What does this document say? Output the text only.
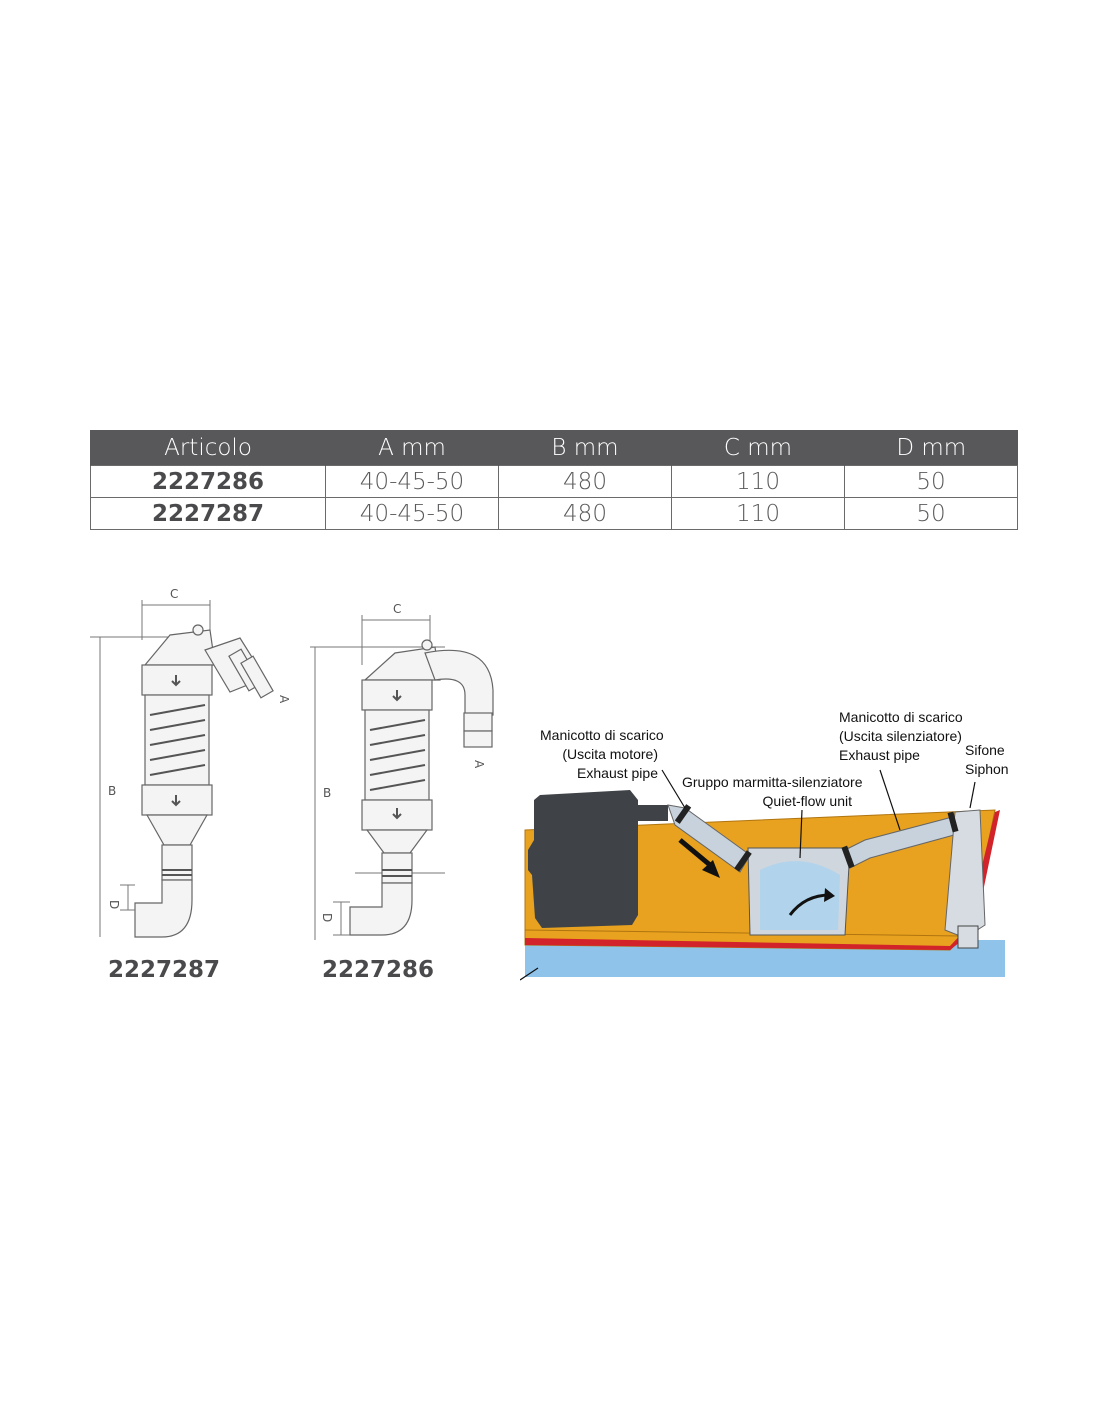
Articolo	A mm	B mm	C mm	D mm
2227286	40-45-50	480	110	50
2227287	40-45-50	480	110	50
C
B
A
D
2227287
C
B
A
D
2227286
Manicotto di scarico
(Uscita motore)
Exhaust pipe
Manicotto di scarico
(Uscita silenziatore)
Exhaust pipe	Sifone
Siphon
Gruppo marmitta-silenziatore
Quiet-flow unit
